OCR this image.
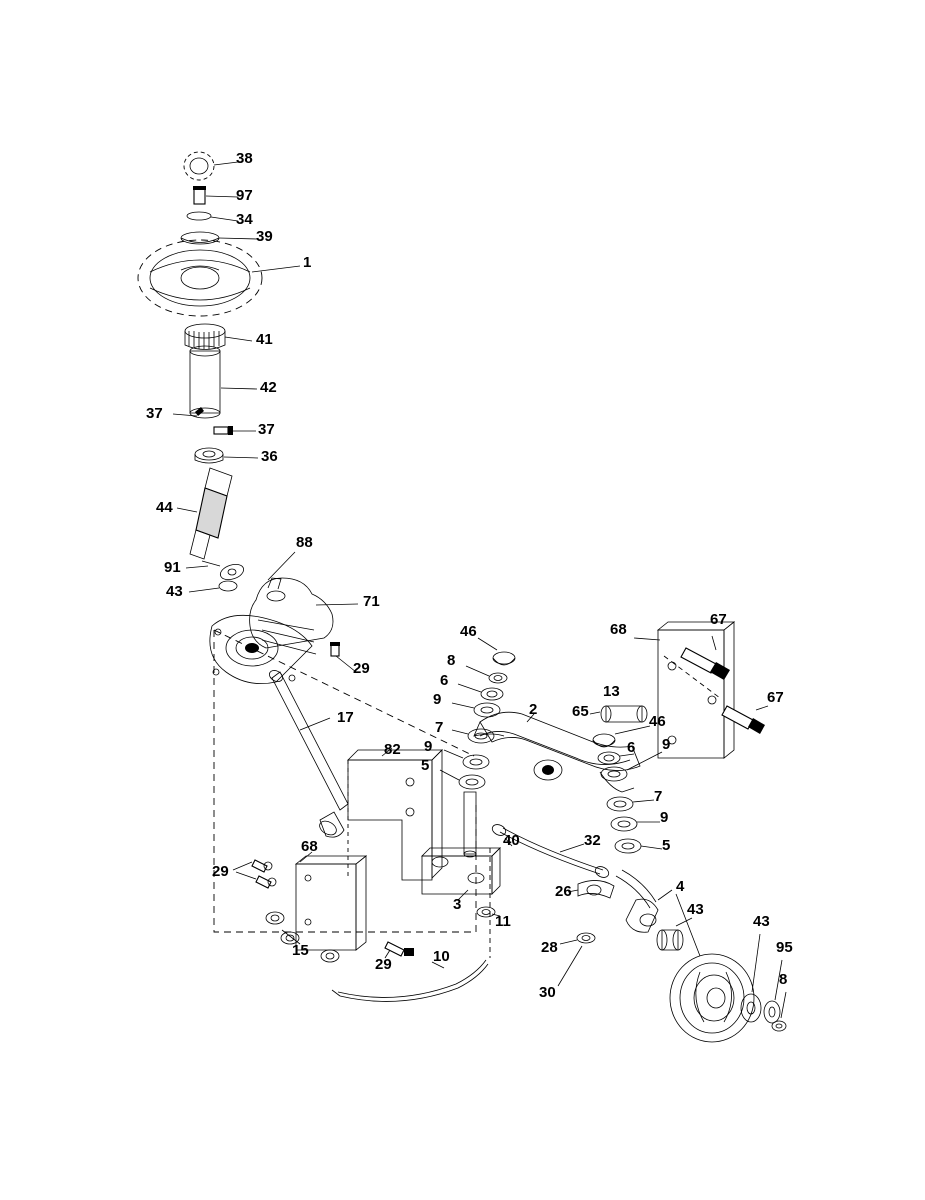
38
97
34
39
1
41
42
37
37
36
44
91
88
43
71
46	68
67
67
8
6
29
9	13
7
2 65
46
9	6 9
82
5
17
7
9
40	32	5
68
29
26	4
43
43
3
11
95
15
29	10
28
8
30
